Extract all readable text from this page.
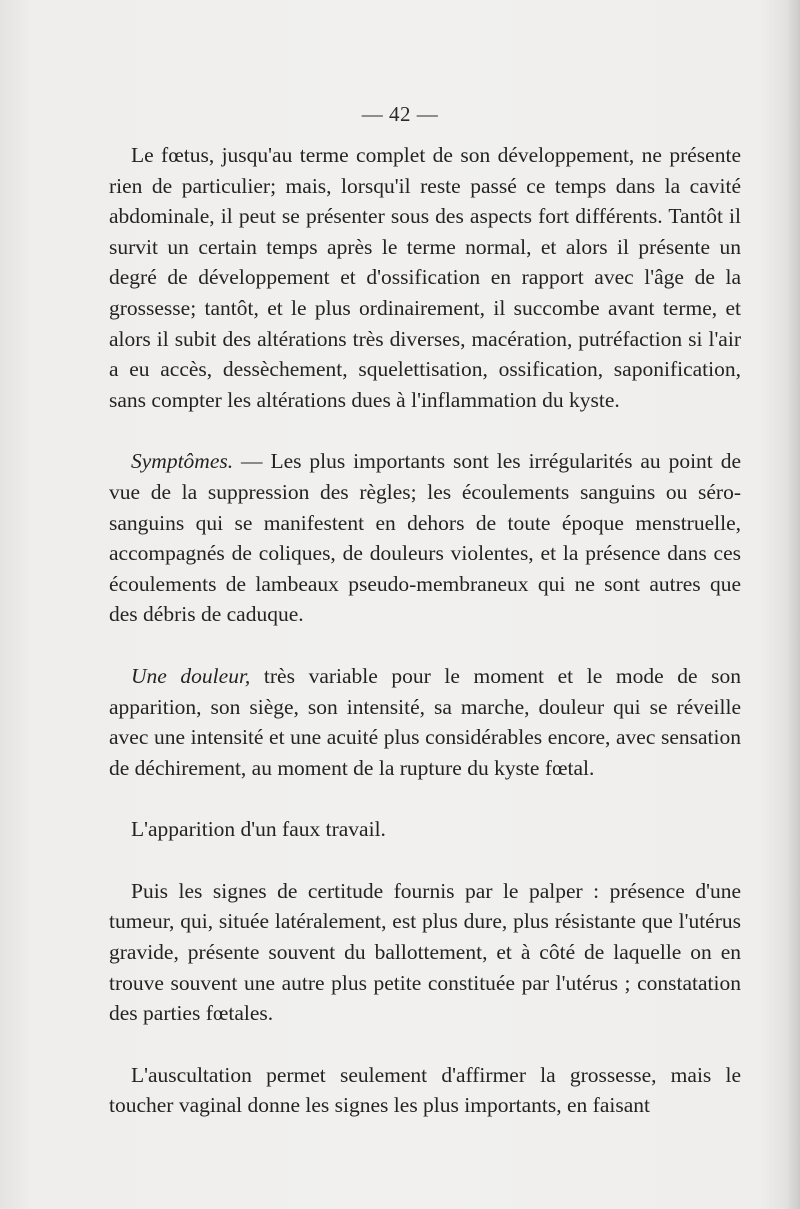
— 42 —

Le fœtus, jusqu'au terme complet de son développement, ne présente rien de particulier; mais, lorsqu'il reste passé ce temps dans la cavité abdominale, il peut se présenter sous des aspects fort différents. Tantôt il survit un certain temps après le terme normal, et alors il présente un degré de développement et d'ossification en rapport avec l'âge de la grossesse; tantôt, et le plus ordinairement, il succombe avant terme, et alors il subit des altérations très diverses, macération, putréfaction si l'air a eu accès, dessèchement, squelettisation, ossification, saponification, sans compter les altérations dues à l'inflammation du kyste.

Symptômes. — Les plus importants sont les irrégularités au point de vue de la suppression des règles; les écoulements sanguins ou séro-sanguins qui se manifestent en dehors de toute époque menstruelle, accompagnés de coliques, de douleurs violentes, et la présence dans ces écoulements de lambeaux pseudo-membraneux qui ne sont autres que des débris de caduque.

Une douleur, très variable pour le moment et le mode de son apparition, son siège, son intensité, sa marche, douleur qui se réveille avec une intensité et une acuité plus considérables encore, avec sensation de déchirement, au moment de la rupture du kyste fœtal.

L'apparition d'un faux travail.

Puis les signes de certitude fournis par le palper : présence d'une tumeur, qui, située latéralement, est plus dure, plus résistante que l'utérus gravide, présente souvent du ballottement, et à côté de laquelle on en trouve souvent une autre plus petite constituée par l'utérus ; constatation des parties fœtales.

L'auscultation permet seulement d'affirmer la grossesse, mais le toucher vaginal donne les signes les plus importants, en faisant
